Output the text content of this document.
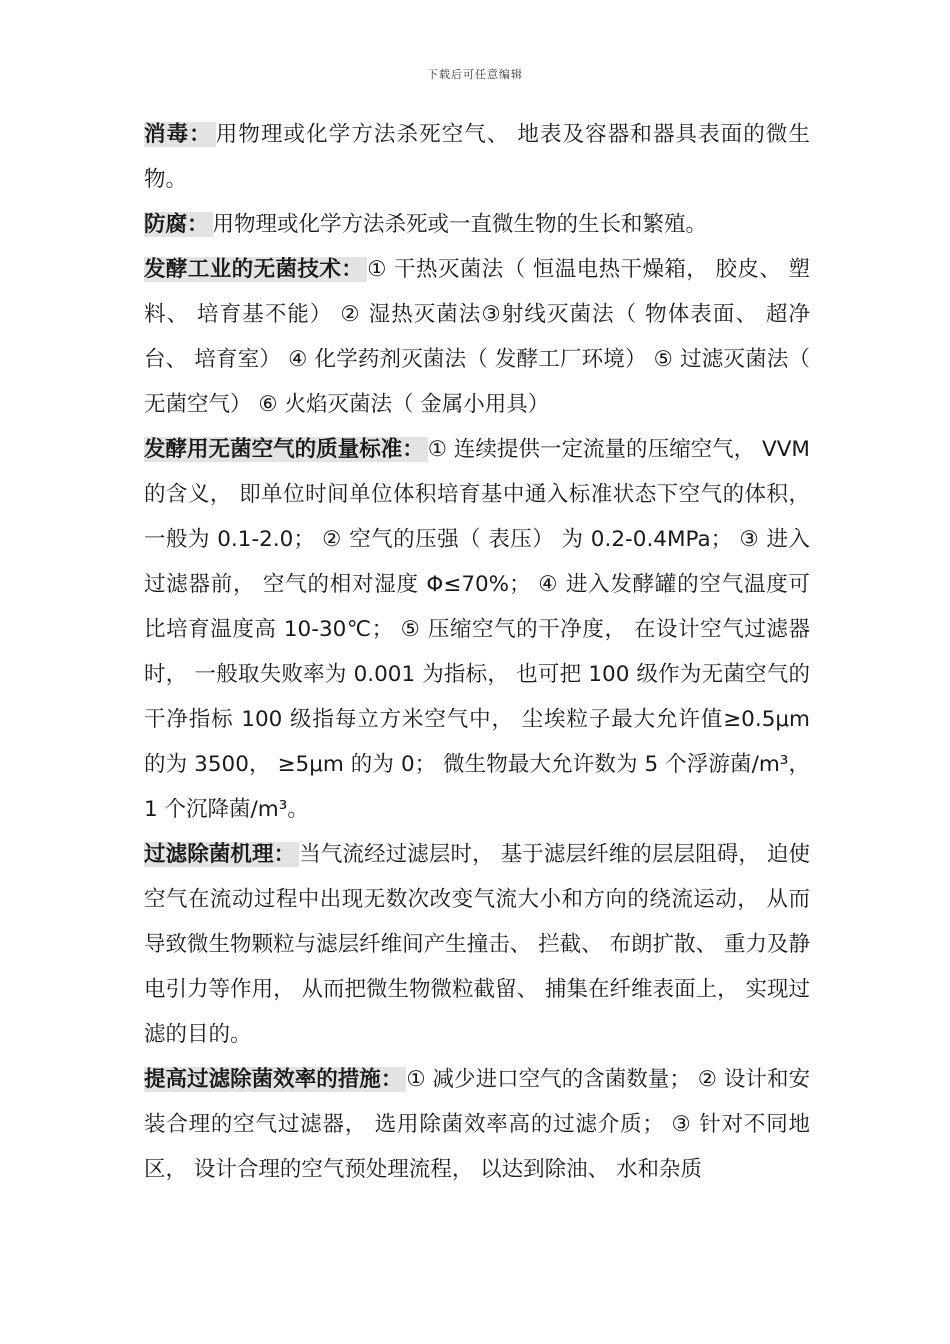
下载后可任意编辑

消毒： 用物理或化学方法杀死空气、 地表及容器和器具表面的微生物。

防腐： 用物理或化学方法杀死或一直微生物的生长和繁殖。

发酵工业的无菌技术： ① 干热灭菌法（ 恒温电热干燥箱， 胶皮、 塑料、 培育基不能） ② 湿热灭菌法③射线灭菌法（ 物体表面、 超净台、 培育室） ④ 化学药剂灭菌法（ 发酵工厂环境） ⑤ 过滤灭菌法（ 无菌空气） ⑥ 火焰灭菌法（ 金属小用具）

发酵用无菌空气的质量标准： ① 连续提供一定流量的压缩空气， VVM 的含义， 即单位时间单位体积培育基中通入标准状态下空气的体积， 一般为 0.1-2.0； ② 空气的压强（ 表压） 为 0.2-0.4MPa； ③ 进入过滤器前， 空气的相对湿度 Φ≤70%； ④ 进入发酵罐的空气温度可比培育温度高 10-30℃； ⑤ 压缩空气的干净度， 在设计空气过滤器时， 一般取失败率为 0.001 为指标， 也可把 100 级作为无菌空气的干净指标 100 级指每立方米空气中， 尘埃粒子最大允许值≥0.5μm 的为 3500， ≥5μm 的为 0； 微生物最大允许数为 5 个浮游菌/m³， 1 个沉降菌/m³。

过滤除菌机理： 当气流经过滤层时， 基于滤层纤维的层层阻碍， 迫使空气在流动过程中出现无数次改变气流大小和方向的绕流运动， 从而导致微生物颗粒与滤层纤维间产生撞击、 拦截、 布朗扩散、 重力及静电引力等作用， 从而把微生物微粒截留、 捕集在纤维表面上， 实现过滤的目的。

提高过滤除菌效率的措施： ① 减少进口空气的含菌数量； ② 设计和安装合理的空气过滤器， 选用除菌效率高的过滤介质； ③ 针对不同地区， 设计合理的空气预处理流程， 以达到除油、 水和杂质
